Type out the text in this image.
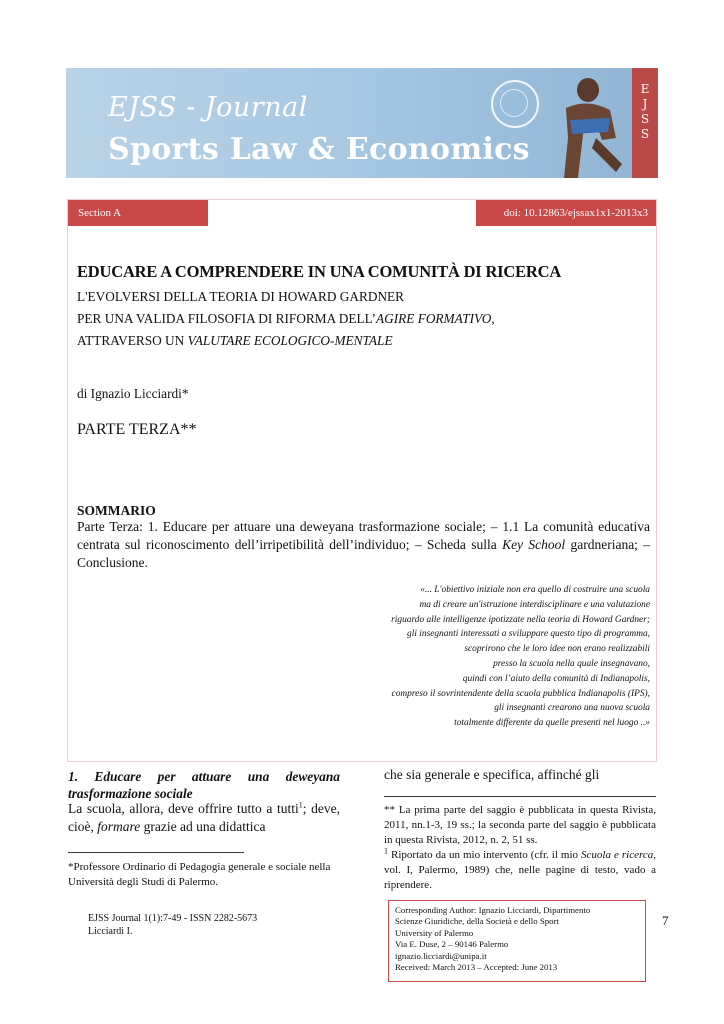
EJSS - Journal
Sports Law & Economics
E
J
S
S
Section A	doi: 10.12863/ejssax1x1-2013x3
EDUCARE A COMPRENDERE IN UNA COMUNITÀ DI RICERCA
L'EVOLVERSI DELLA TEORIA DI HOWARD GARDNER
PER UNA VALIDA FILOSOFIA DI RIFORMA DELL’AGIRE FORMATIVO,
ATTRAVERSO UN VALUTARE ECOLOGICO-MENTALE
di Ignazio Licciardi*
PARTE TERZA**
SOMMARIO
Parte Terza: 1. Educare per attuare una deweyana trasformazione sociale; – 1.1 La comunità educativa centrata sul riconoscimento dell’irripetibilità dell’individuo; – Scheda sulla Key School gardneriana; – Conclusione.
«... L'obiettivo iniziale non era quello di costruire una scuola
ma di creare un'istruzione interdisciplinare e una valutazione
riguardo alle intelligenze ipotizzate nella teoria di Howard Gardner;
gli insegnanti interessati a sviluppare questo tipo di programma,
scoprirono che le loro idee non erano realizzabili
presso la scuola nella quale insegnavano,
quindi con l’aiuto della comunità di Indianapolis,
compreso il sovrintendente della scuola pubblica Indianapolis (IPS),
gli insegnanti crearono una nuova scuola
totalmente differente da quelle presenti nel luogo ..»
1. Educare per attuare una deweyana trasformazione sociale
La scuola, allora, deve offrire tutto a tutti$^1$; deve, cioè, formare grazie ad una didattica
*Professore Ordinario di Pedagogia generale e sociale nella Università degli Studi di Palermo.
che sia generale e specifica, affinché gli
** La prima parte del saggio è pubblicata in questa Rivista, 2011, nn.1-3, 19 ss.; la seconda parte del saggio è pubblicata in questa Rivista, 2012, n. 2, 51 ss.
$^1$ Riportato da un mio intervento (cfr. il mio Scuola e ricerca, vol. I, Palermo, 1989) che, nelle pagine di testo, vado a riprendere.
EJSS Journal 1(1):7-49 - ISSN 2282-5673
Licciardi I.
Corresponding Author: Ignazio Licciardi, Dipartimento
Scienze Giuridiche, della Società e dello Sport
University of Palermo
Via E. Duse, 2 – 90146 Palermo
ignazio.licciardi@unipa.it
Received: March 2013 – Accepted: June 2013
7
